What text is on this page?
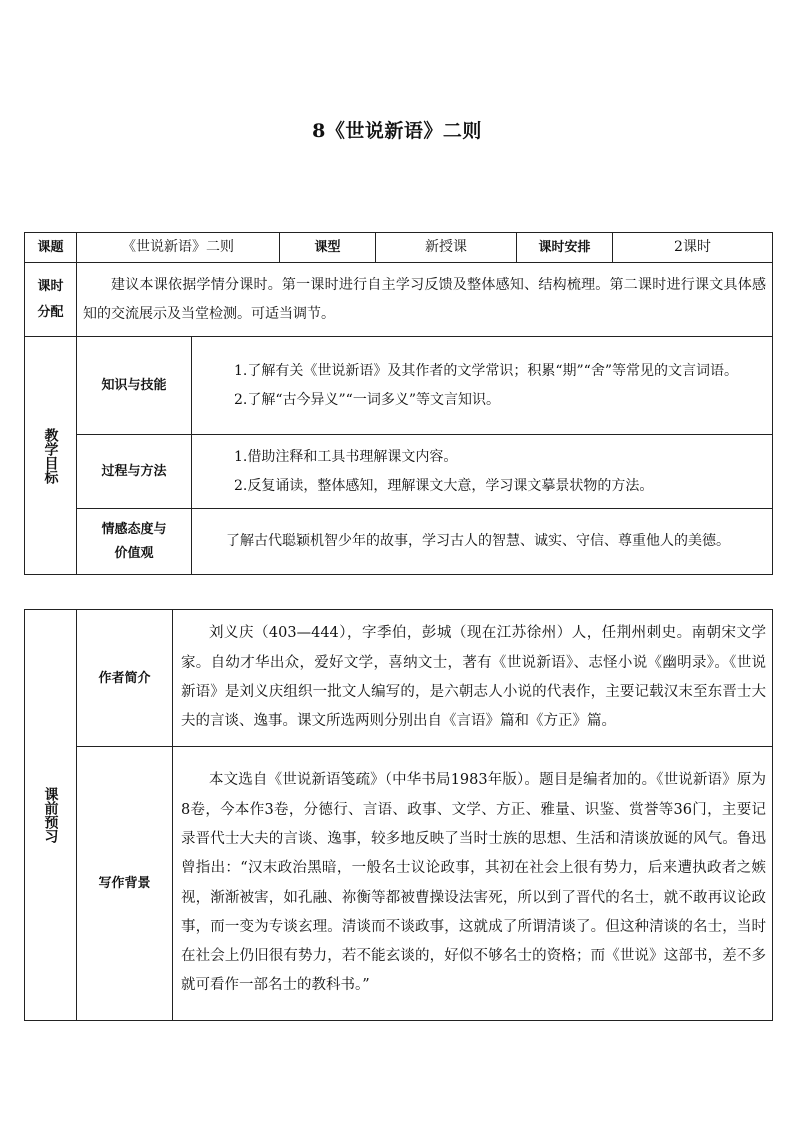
8《世说新语》二则
课题	《世说新语》二则		课型	新授课	课时安排	2课时

课时
分配	建议本课依据学情分课时。第一课时进行自主学习反馈及整体感知、结构梳理。第二课时进行课文具体感知的交流展示及当堂检测。可适当调节。					

教学目标	知识与技能	1.了解有关《世说新语》及其作者的文学常识；积累“期”“舍”等常见的文言词语。
2.了解“古今异义”“一词多义”等文言知识。				

	过程与方法	1.借助注释和工具书理解课文内容。
2.反复诵读，整体感知，理解课文大意，学习课文摹景状物的方法。				

	情感态度与
价值观	了解古代聪颖机智少年的故事，学习古人的智慧、诚实、守信、尊重他人的美德。				
课前预习	作者简介	刘义庆（403—444），字季伯，彭城（现在江苏徐州）人，任荆州刺史。南朝宋文学家。自幼才华出众，爱好文学，喜纳文士，著有《世说新语》、志怪小说《幽明录》。《世说新语》是刘义庆组织一批文人编写的，是六朝志人小说的代表作，主要记载汉末至东晋士大夫的言谈、逸事。课文所选两则分别出自《言语》篇和《方正》篇。
	写作背景	本文选自《世说新语笺疏》（中华书局1983年版）。题目是编者加的。《世说新语》原为8卷，今本作3卷，分德行、言语、政事、文学、方正、雅量、识鉴、赏誉等36门，主要记录晋代士大夫的言谈、逸事，较多地反映了当时士族的思想、生活和清谈放诞的风气。鲁迅曾指出：“汉末政治黑暗，一般名士议论政事，其初在社会上很有势力，后来遭执政者之嫉视，渐渐被害，如孔融、祢衡等都被曹操设法害死，所以到了晋代的名士，就不敢再议论政事，而一变为专谈玄理。清谈而不谈政事，这就成了所谓清谈了。但这种清谈的名士，当时在社会上仍旧很有势力，若不能玄谈的，好似不够名士的资格；而《世说》这部书，差不多就可看作一部名士的教科书。”
